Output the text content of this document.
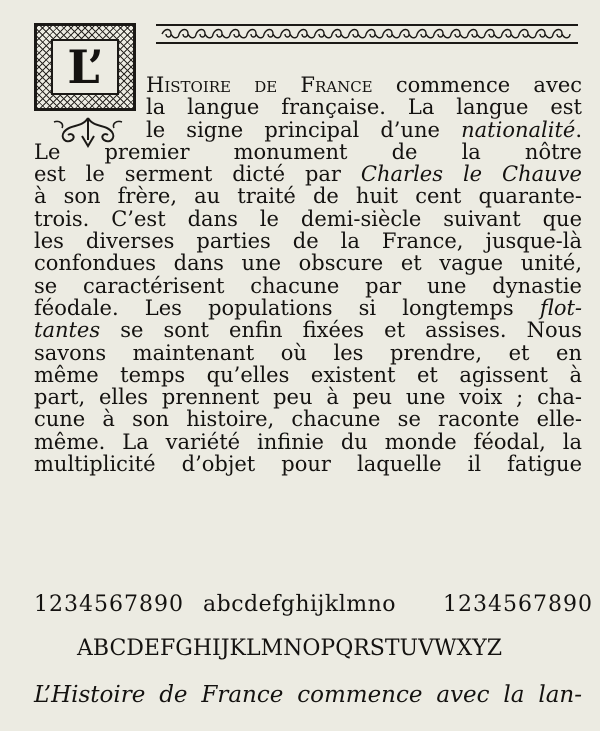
L’	Histoire de France commence avec
la langue française. La langue est
le signe principal d’une nationalité.
Le premier monument de la nôtre
est le serment dicté par Charles le Chauve
à son frère, au traité de huit cent quarante-
trois. C’est dans le demi-siècle suivant que
les diverses parties de la France, jusque-là
confondues dans une obscure et vague unité,
se caractérisent chacune par une dynastie
féodale. Les populations si longtemps flot-
tantes se sont enfin fixées et assises. Nous
savons maintenant où les prendre, et en
même temps qu’elles existent et agissent à
part, elles prennent peu à peu une voix ; cha-
cune à son histoire, chacune se raconte elle-
même. La variété infinie du monde féodal, la
multiplicité d’objet pour laquelle il fatigue
1234567890 abcdefghijklmno 1234567890
ABCDEFGHIJKLMNOPQRSTUVWXYZ
L’Histoire de France commence avec la lan-
